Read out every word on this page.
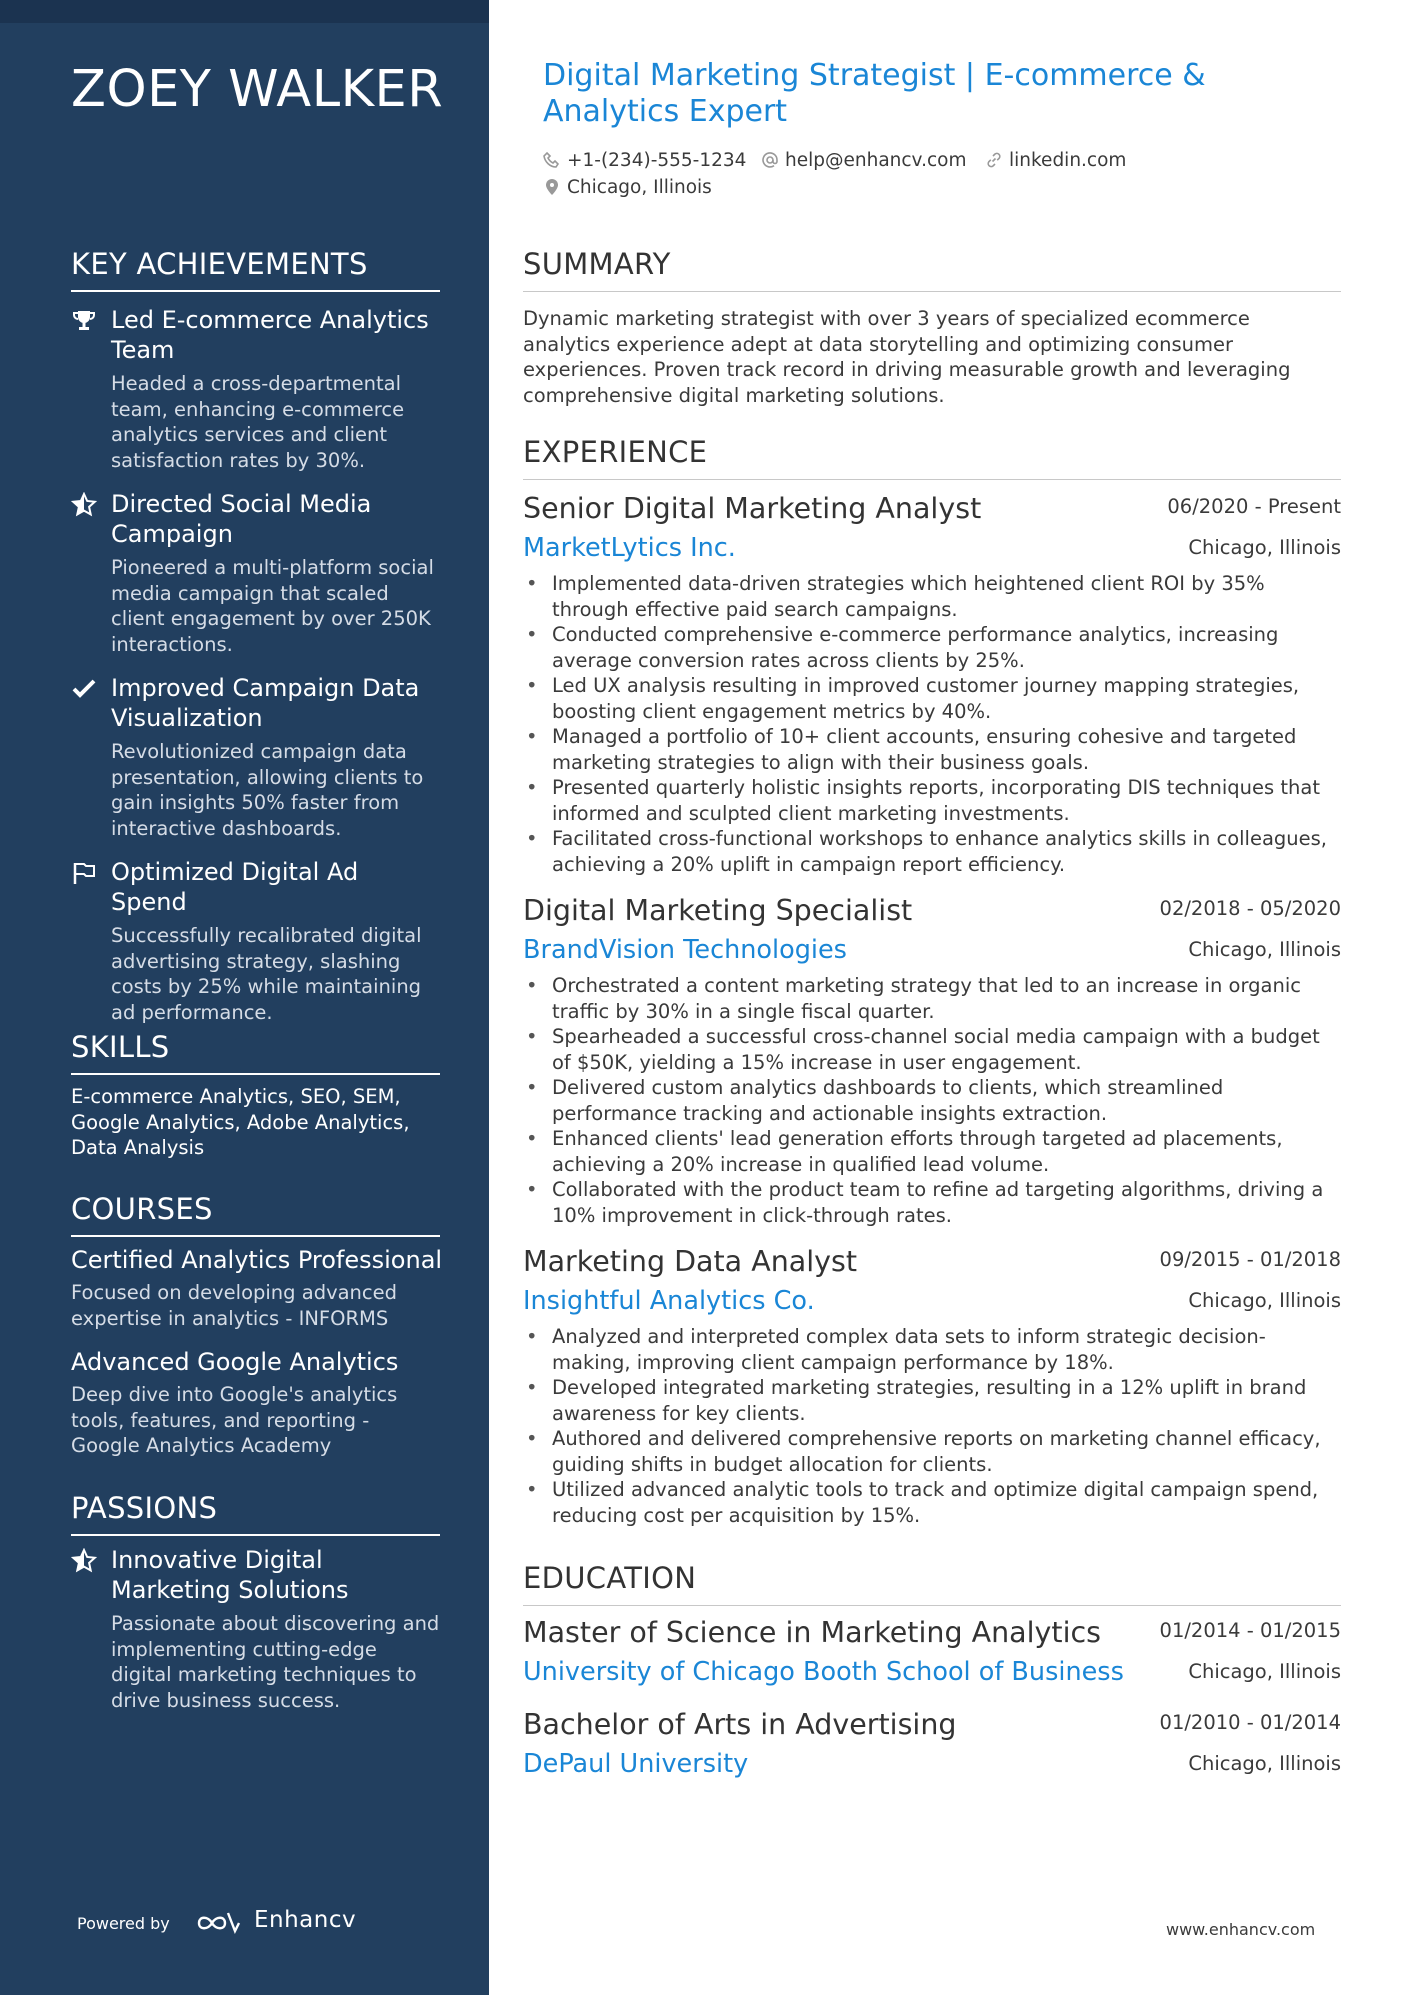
ZOEY WALKER
KEY ACHIEVEMENTS
Led E-commerce Analytics Team
Headed a cross-departmental team, enhancing e-commerce analytics services and client satisfaction rates by 30%.
Directed Social Media Campaign
Pioneered a multi-platform social media campaign that scaled client engagement by over 250K interactions.
Improved Campaign Data Visualization
Revolutionized campaign data presentation, allowing clients to gain insights 50% faster from interactive dashboards.
Optimized Digital Ad Spend
Successfully recalibrated digital advertising strategy, slashing costs by 25% while maintaining ad performance.
SKILLS
E-commerce Analytics, SEO, SEM, Google Analytics, Adobe Analytics, Data Analysis
COURSES
Certified Analytics Professional
Focused on developing advanced expertise in analytics - INFORMS
Advanced Google Analytics
Deep dive into Google's analytics tools, features, and reporting - Google Analytics Academy
PASSIONS
Innovative Digital Marketing Solutions
Passionate about discovering and implementing cutting-edge digital marketing techniques to drive business success.
Powered by	Enhancv
Digital Marketing Strategist | E-commerce & Analytics Expert
+1-(234)-555-1234	help@enhancv.com	linkedin.com
Chicago, Illinois
SUMMARY
Dynamic marketing strategist with over 3 years of specialized ecommerce analytics experience adept at data storytelling and optimizing consumer experiences. Proven track record in driving measurable growth and leveraging comprehensive digital marketing solutions.
EXPERIENCE
Senior Digital Marketing Analyst	06/2020 - Present
MarketLytics Inc.	Chicago, Illinois
• Implemented data-driven strategies which heightened client ROI by 35% through effective paid search campaigns.
• Conducted comprehensive e-commerce performance analytics, increasing average conversion rates across clients by 25%.
• Led UX analysis resulting in improved customer journey mapping strategies, boosting client engagement metrics by 40%.
• Managed a portfolio of 10+ client accounts, ensuring cohesive and targeted marketing strategies to align with their business goals.
• Presented quarterly holistic insights reports, incorporating DIS techniques that informed and sculpted client marketing investments.
• Facilitated cross-functional workshops to enhance analytics skills in colleagues, achieving a 20% uplift in campaign report efficiency.
Digital Marketing Specialist	02/2018 - 05/2020
BrandVision Technologies	Chicago, Illinois
• Orchestrated a content marketing strategy that led to an increase in organic traffic by 30% in a single fiscal quarter.
• Spearheaded a successful cross-channel social media campaign with a budget of $50K, yielding a 15% increase in user engagement.
• Delivered custom analytics dashboards to clients, which streamlined performance tracking and actionable insights extraction.
• Enhanced clients' lead generation efforts through targeted ad placements, achieving a 20% increase in qualified lead volume.
• Collaborated with the product team to refine ad targeting algorithms, driving a 10% improvement in click-through rates.
Marketing Data Analyst	09/2015 - 01/2018
Insightful Analytics Co.	Chicago, Illinois
• Analyzed and interpreted complex data sets to inform strategic decision-making, improving client campaign performance by 18%.
• Developed integrated marketing strategies, resulting in a 12% uplift in brand awareness for key clients.
• Authored and delivered comprehensive reports on marketing channel efficacy, guiding shifts in budget allocation for clients.
• Utilized advanced analytic tools to track and optimize digital campaign spend, reducing cost per acquisition by 15%.
EDUCATION
Master of Science in Marketing Analytics	01/2014 - 01/2015
University of Chicago Booth School of Business	Chicago, Illinois
Bachelor of Arts in Advertising	01/2010 - 01/2014
DePaul University	Chicago, Illinois
www.enhancv.com
